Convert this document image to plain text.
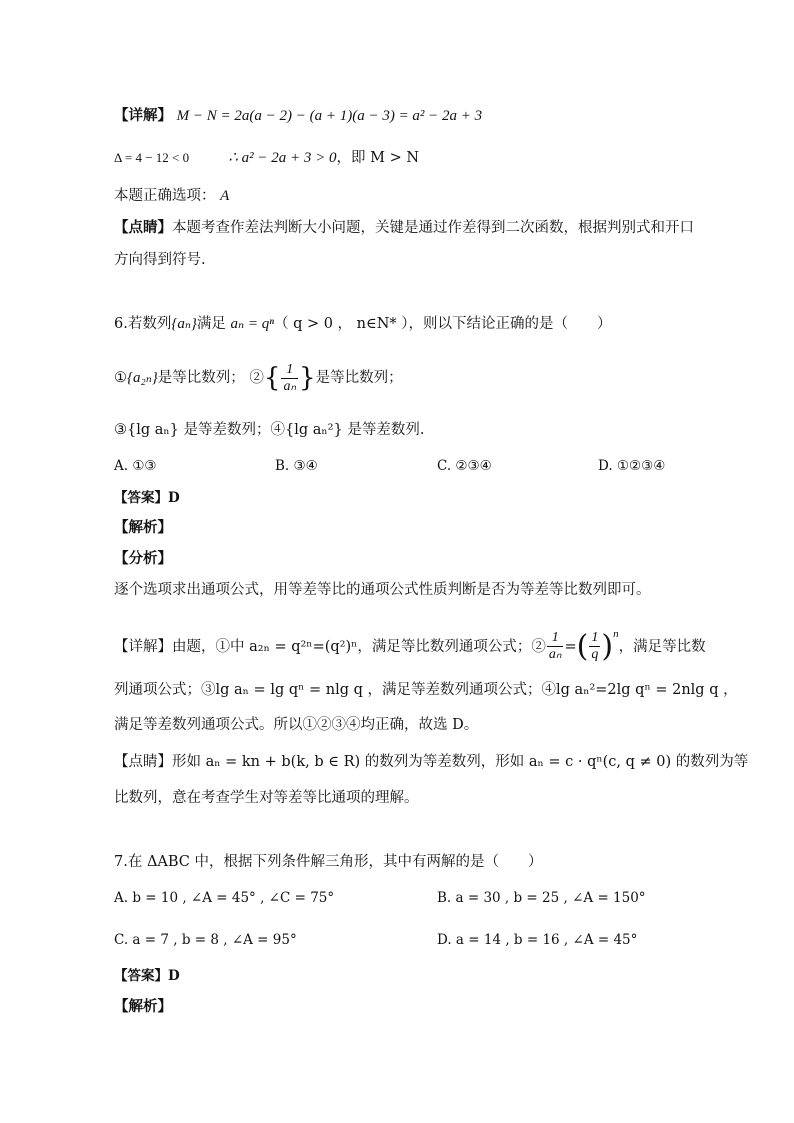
【详解】 M − N = 2a(a − 2) − (a + 1)(a − 3) = a² − 2a + 3
Δ = 4 − 12 < 0	∴ a² − 2a + 3 > 0，即 M > N
本题正确选项： A
【点睛】本题考查作差法判断大小问题，关键是通过作差得到二次函数，根据判别式和开口
方向得到符号.
6.若数列{aₙ}满足 aₙ = qⁿ（ q > 0 ， n∈N* ），则以下结论正确的是（　　）
①{a₂ₙ}是等比数列； ②{ $\frac{1}{\text{aₙ}}$ }是等比数列；
③{lg aₙ} 是等差数列；④{lg aₙ²} 是等差数列.
A. ①③	B. ③④	C. ②③④	D. ①②③④
【答案】D
【解析】
【分析】
逐个选项求出通项公式，用等差等比的通项公式性质判断是否为等差等比数列即可。
【详解】由题，①中 a₂ₙ = q²ⁿ=(q²)ⁿ，满足等比数列通项公式；② $\frac{1}{\text{aₙ}}$ =( $\frac{1}{q} )^n$，满足等比数
列通项公式；③lg aₙ = lg qⁿ = nlg q ，满足等差数列通项公式；④lg aₙ²=2lg qⁿ = 2nlg q ，
满足等差数列通项公式。所以①②③④均正确，故选 D。
【点睛】形如 aₙ = kn + b(k, b ∈ R) 的数列为等差数列，形如 aₙ = c · qⁿ(c, q ≠ 0) 的数列为等
比数列，意在考查学生对等差等比通项的理解。
7.在 ΔABC 中，根据下列条件解三角形，其中有两解的是（　　）
A. b = 10 , ∠A = 45° , ∠C = 75°	B. a = 30 , b = 25 , ∠A = 150°
C. a = 7 , b = 8 , ∠A = 95°	D. a = 14 , b = 16 , ∠A = 45°
【答案】D
【解析】
